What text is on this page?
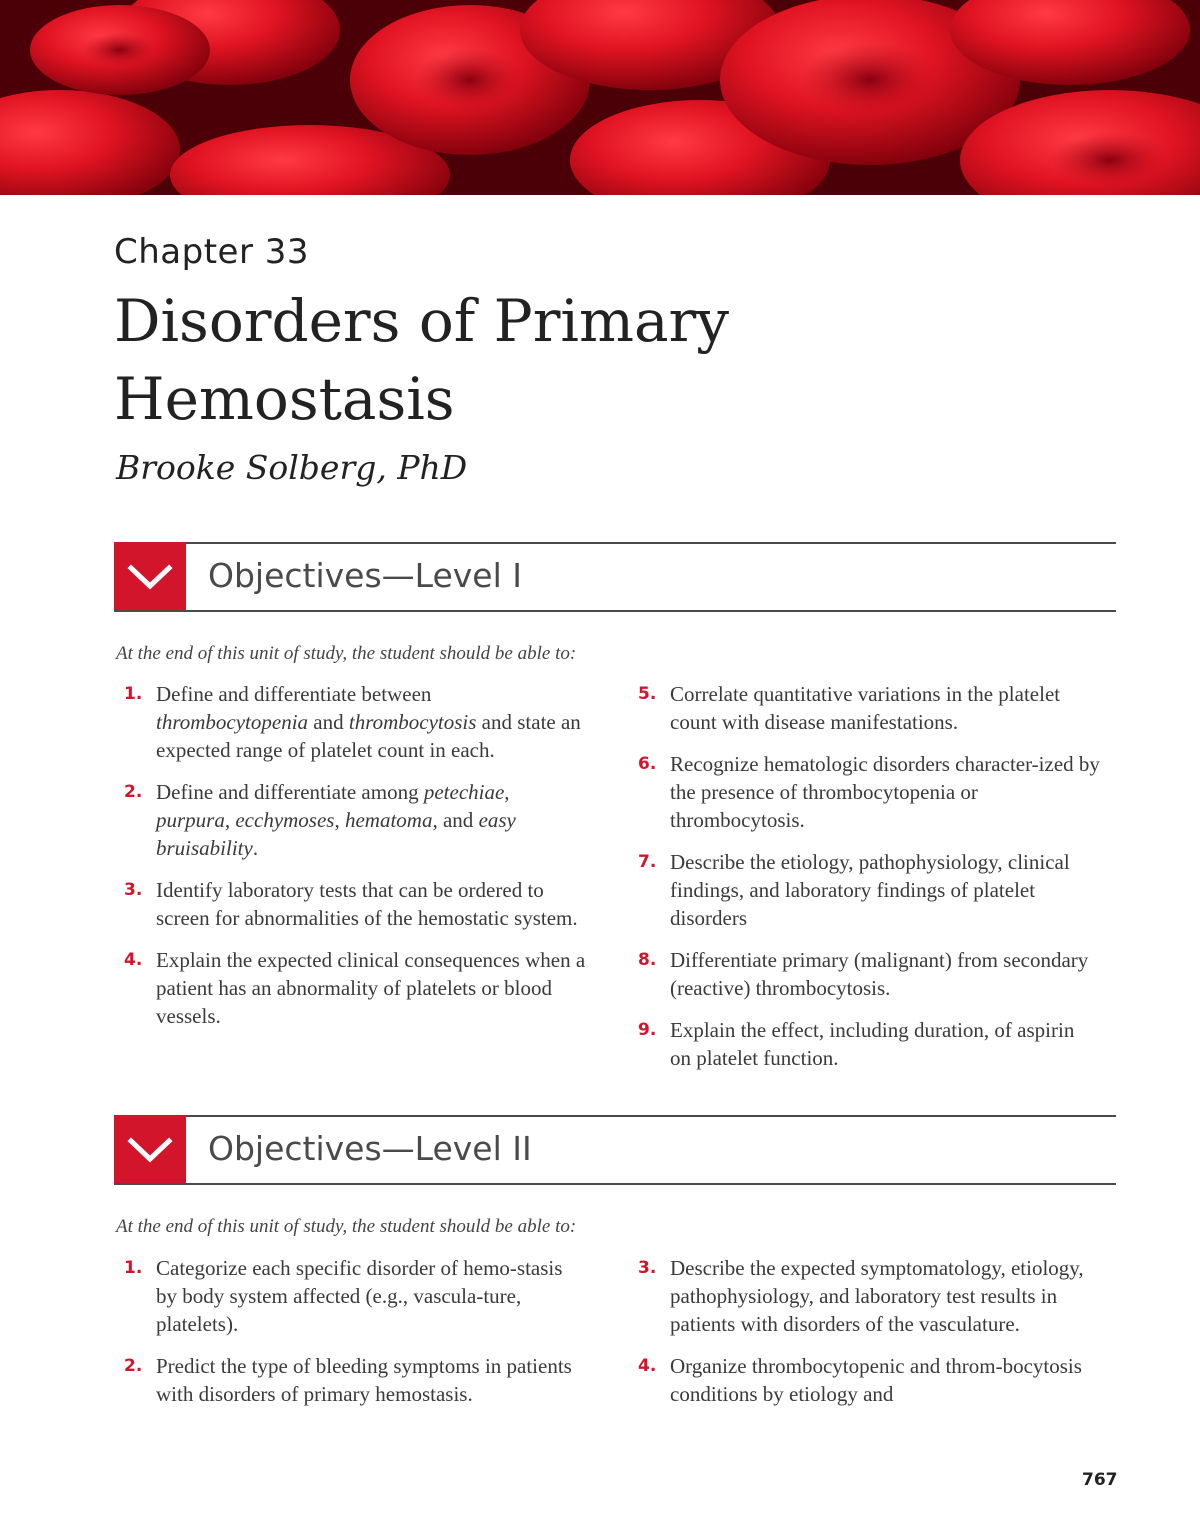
Chapter 33
Disorders of Primary
Hemostasis
Brooke Solberg, PhD
Objectives—Level I
At the end of this unit of study, the student should be able to:
1. Define and differentiate between thrombocytopenia and thrombocytosis and state an expected range of platelet count in each.
2. Define and differentiate among petechiae, purpura, ecchymoses, hematoma, and easy bruisability.
3. Identify laboratory tests that can be ordered to screen for abnormalities of the hemostatic system.
4. Explain the expected clinical consequences when a patient has an abnormality of platelets or blood vessels.
5. Correlate quantitative variations in the platelet count with disease manifestations.
6. Recognize hematologic disorders character-ized by the presence of thrombocytopenia or thrombocytosis.
7. Describe the etiology, pathophysiology, clinical findings, and laboratory findings of platelet disorders
8. Differentiate primary (malignant) from secondary (reactive) thrombocytosis.
9. Explain the effect, including duration, of aspirin on platelet function.
Objectives—Level II
At the end of this unit of study, the student should be able to:
1. Categorize each specific disorder of hemo-stasis by body system affected (e.g., vascula-ture, platelets).
2. Predict the type of bleeding symptoms in patients with disorders of primary hemostasis.
3. Describe the expected symptomatology, etiology, pathophysiology, and laboratory test results in patients with disorders of the vasculature.
4. Organize thrombocytopenic and throm-bocytosis conditions by etiology and
767
